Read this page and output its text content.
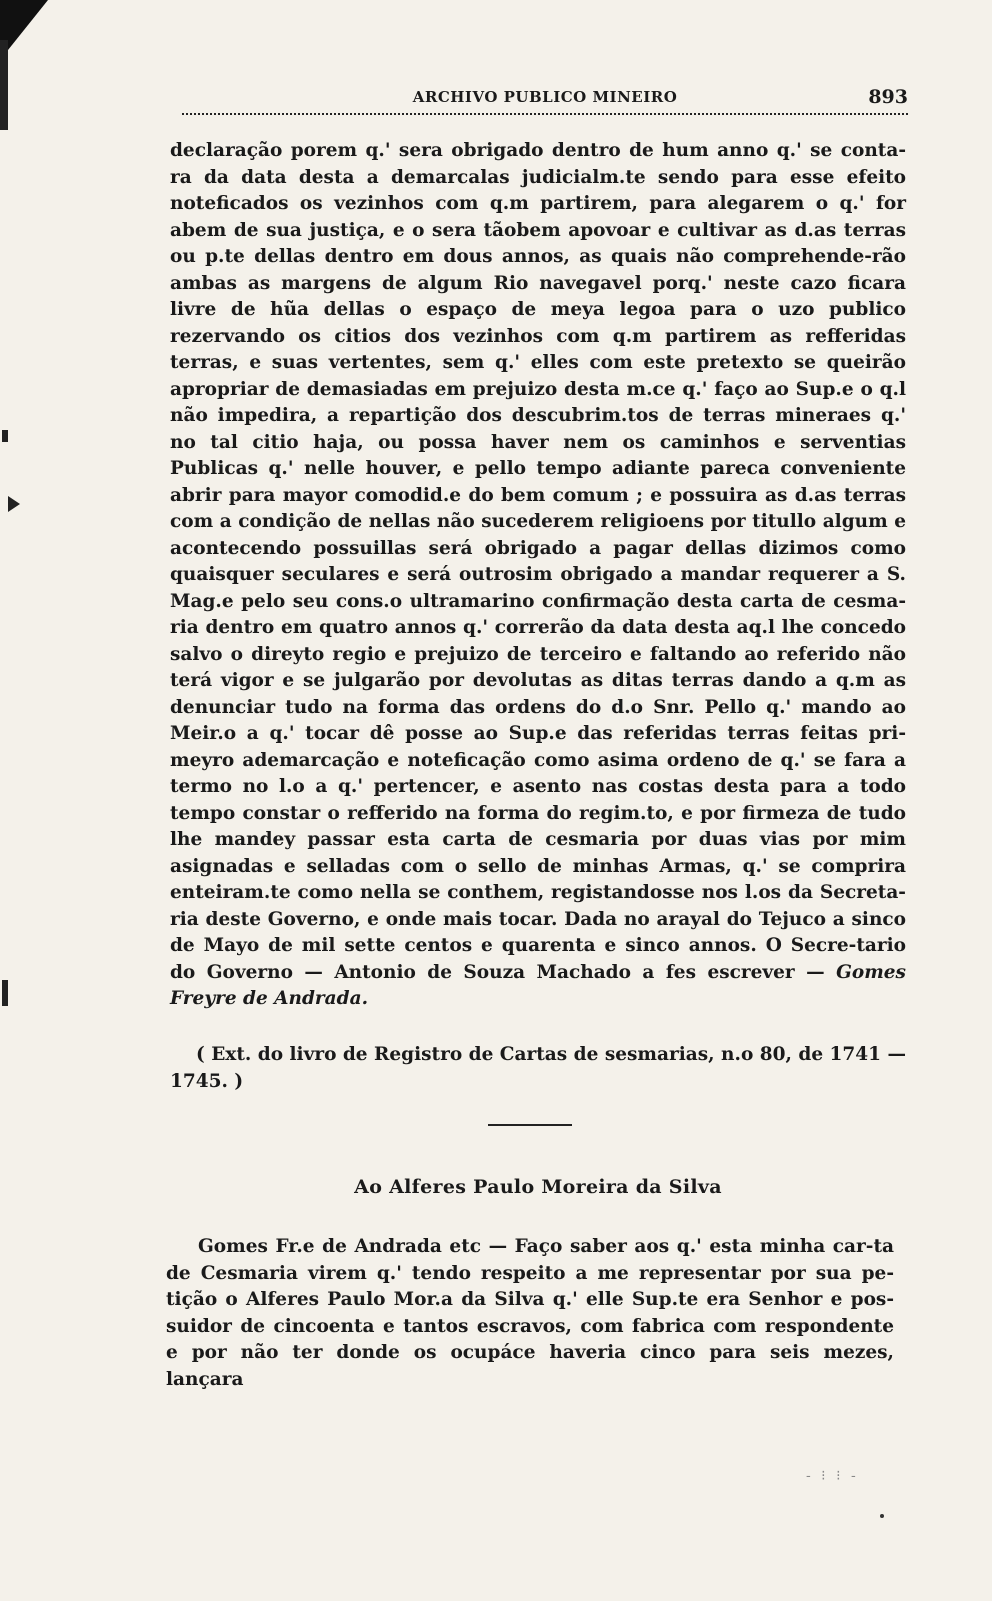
ARCHIVO PUBLICO MINEIRO	893

declaração porem q.' sera obrigado dentro de hum anno q.' se conta-ra da data desta a demarcalas judicialm.te sendo para esse efeito noteficados os vezinhos com q.m partirem, para alegarem o q.' for abem de sua justiça, e o sera tãobem apovoar e cultivar as d.as terras ou p.te dellas dentro em dous annos, as quais não comprehende-rão ambas as margens de algum Rio navegavel porq.' neste cazo ficara livre de hũa dellas o espaço de meya legoa para o uzo publico rezervando os citios dos vezinhos com q.m partirem as refferidas terras, e suas vertentes, sem q.' elles com este pretexto se queirão apropriar de demasiadas em prejuizo desta m.ce q.' faço ao Sup.e o q.l não impedira, a repartição dos descubrim.tos de terras mineraes q.' no tal citio haja, ou possa haver nem os caminhos e serventias Publicas q.' nelle houver, e pello tempo adiante pareca conveniente abrir para mayor comodid.e do bem comum ; e possuira as d.as terras com a condição de nellas não sucederem religioens por titullo algum e acontecendo possuillas será obrigado a pagar dellas dizimos como quaisquer seculares e será outrosim obrigado a mandar requerer a S. Mag.e pelo seu cons.o ultramarino confirmação desta carta de cesma-ria dentro em quatro annos q.' correrão da data desta aq.l lhe concedo salvo o direyto regio e prejuizo de terceiro e faltando ao referido não terá vigor e se julgarão por devolutas as ditas terras dando a q.m as denunciar tudo na forma das ordens do d.o Snr. Pello q.' mando ao Meir.o a q.' tocar dê posse ao Sup.e das referidas terras feitas pri-meyro ademarcação e noteficação como asima ordeno de q.' se fara a termo no l.o a q.' pertencer, e asento nas costas desta para a todo tempo constar o refferido na forma do regim.to, e por firmeza de tudo lhe mandey passar esta carta de cesmaria por duas vias por mim asignadas e selladas com o sello de minhas Armas, q.' se comprira enteiram.te como nella se conthem, registandosse nos l.os da Secreta-ria deste Governo, e onde mais tocar. Dada no arayal do Tejuco a sinco de Mayo de mil sette centos e quarenta e sinco annos. O Secre-tario do Governo — Antonio de Souza Machado a fes escrever — Gomes Freyre de Andrada.

( Ext. do livro de Registro de Cartas de sesmarias, n.o 80, de 1741 — 1745. )

Ao Alferes Paulo Moreira da Silva

Gomes Fr.e de Andrada etc — Faço saber aos q.' esta minha car-ta de Cesmaria virem q.' tendo respeito a me representar por sua pe-tição o Alferes Paulo Mor.a da Silva q.' elle Sup.te era Senhor e pos-suidor de cincoenta e tantos escravos, com fabrica com respondente e por não ter donde os ocupáce haveria cinco para seis mezes, lançara

- ⁝ ⁝ -
